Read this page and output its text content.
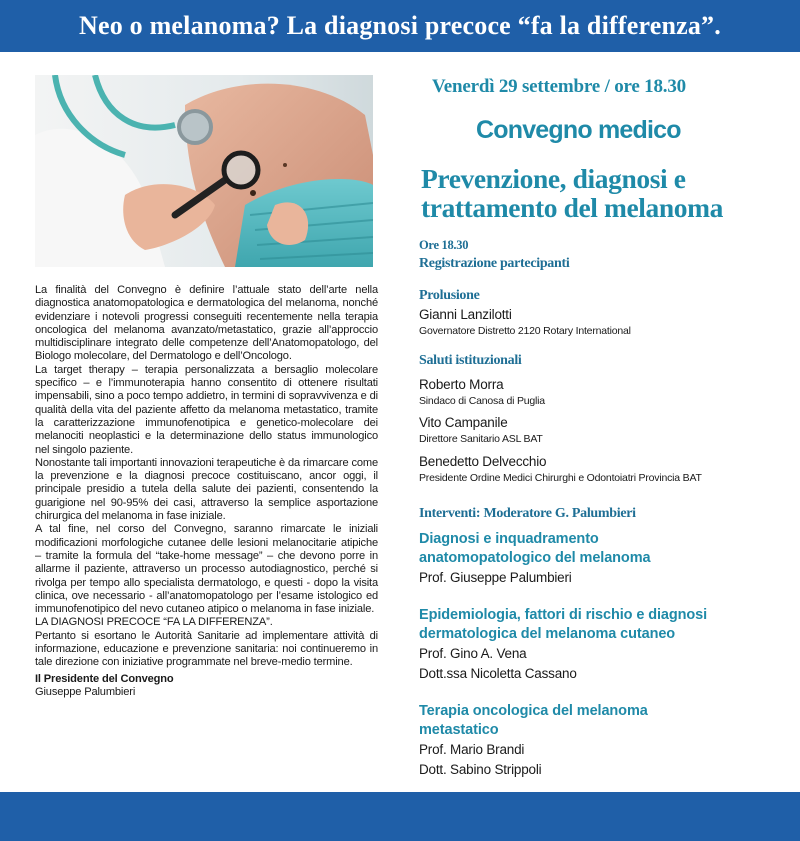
Neo o melanoma? La diagnosi precoce “fa la differenza”.

La finalità del Convegno è definire l’attuale stato dell’arte nella diagnostica anatomopatologica e dermatologica del melanoma, nonché evidenziare i notevoli progressi conseguiti recentemente nella terapia oncologica del melanoma avanzato/metastatico, grazie all’approccio multidisciplinare integrato delle competenze dell’Anatomopatologo, del Biologo molecolare, del Dermatologo e dell’Oncologo.

La target therapy – terapia personalizzata a bersaglio molecolare specifico – e l’immunoterapia hanno consentito di ottenere risultati impensabili, sino a poco tempo addietro, in termini di sopravvivenza e di qualità della vita del paziente affetto da melanoma metastatico, tramite la caratterizzazione immunofenotipica e genetico-molecolare dei melanociti neoplastici e la determinazione dello status immunologico nel singolo paziente.

Nonostante tali importanti innovazioni terapeutiche è da rimarcare come la prevenzione e la diagnosi precoce costituiscano, ancor oggi, il principale presidio a tutela della salute dei pazienti, consentendo la guarigione nel 90-95% dei casi, attraverso la semplice asportazione chirurgica del melanoma in fase iniziale.

A tal fine, nel corso del Convegno, saranno rimarcate le iniziali modificazioni morfologiche cutanee delle lesioni melanocitarie atipiche – tramite la formula del “take-home message” – che devono porre in allarme il paziente, attraverso un processo autodiagnostico, perché si rivolga per tempo allo specialista dermatologo, e questi - dopo la visita clinica, ove necessario - all’anatomopatologo per l’esame istologico ed immunofenotipico del nevo cutaneo atipico o melanoma in fase iniziale.

LA DIAGNOSI PRECOCE “FA LA DIFFERENZA”.

Pertanto si esortano le Autorità Sanitarie ad implementare attività di informazione, educazione e prevenzione sanitaria: noi continueremo in tale direzione con iniziative programmate nel breve-medio termine.

Il Presidente del Convegno

Giuseppe Palumbieri

Venerdì 29 settembre / ore 18.30
Convegno medico
Prevenzione, diagnosi e
trattamento del melanoma
Ore 18.30
Registrazione partecipanti
Prolusione
Gianni Lanzilotti
Governatore Distretto 2120 Rotary International
Saluti istituzionali
Roberto Morra
Sindaco di Canosa di Puglia
Vito Campanile
Direttore Sanitario ASL BAT
Benedetto Delvecchio
Presidente Ordine Medici Chirurghi e Odontoiatri Provincia BAT
Interventi: Moderatore G. Palumbieri
Diagnosi e inquadramento
anatomopatologico del melanoma
Prof. Giuseppe Palumbieri
Epidemiologia, fattori di rischio e diagnosi
dermatologica del melanoma cutaneo
Prof. Gino A. Vena
Dott.ssa Nicoletta Cassano
Terapia oncologica del melanoma
metastatico
Prof. Mario Brandi
Dott. Sabino Strippoli
